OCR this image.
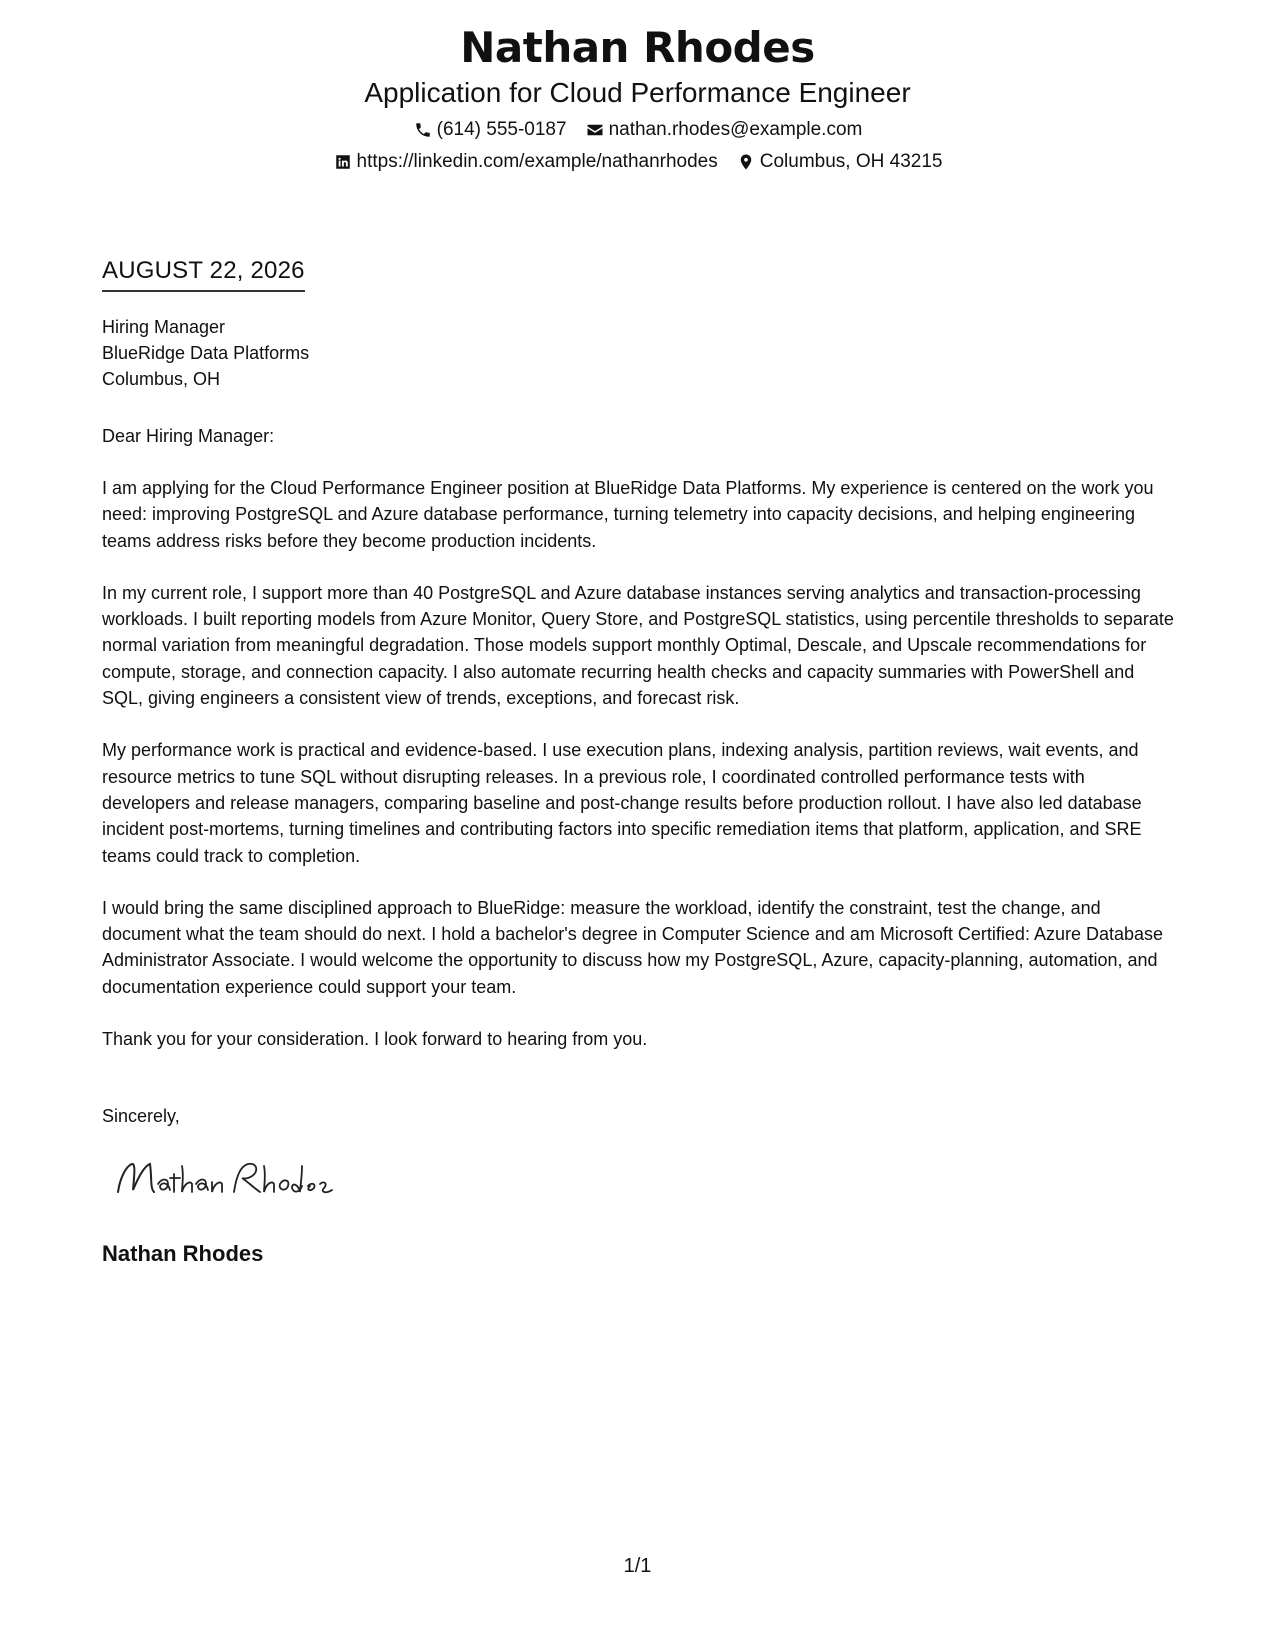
Nathan Rhodes
Application for Cloud Performance Engineer
(614) 555-0187 nathan.rhodes@example.com
https://linkedin.com/example/nathanrhodes Columbus, OH 43215
AUGUST 22, 2026
Hiring Manager
BlueRidge Data Platforms
Columbus, OH
Dear Hiring Manager:

I am applying for the Cloud Performance Engineer position at BlueRidge Data Platforms. My experience is centered on the work you need: improving PostgreSQL and Azure database performance, turning telemetry into capacity decisions, and helping engineering teams address risks before they become production incidents.

In my current role, I support more than 40 PostgreSQL and Azure database instances serving analytics and transaction-processing workloads. I built reporting models from Azure Monitor, Query Store, and PostgreSQL statistics, using percentile thresholds to separate normal variation from meaningful degradation. Those models support monthly Optimal, Descale, and Upscale recommendations for compute, storage, and connection capacity. I also automate recurring health checks and capacity summaries with PowerShell and SQL, giving engineers a consistent view of trends, exceptions, and forecast risk.

My performance work is practical and evidence-based. I use execution plans, indexing analysis, partition reviews, wait events, and resource metrics to tune SQL without disrupting releases. In a previous role, I coordinated controlled performance tests with developers and release managers, comparing baseline and post-change results before production rollout. I have also led database incident post-mortems, turning timelines and contributing factors into specific remediation items that platform, application, and SRE teams could track to completion.

I would bring the same disciplined approach to BlueRidge: measure the workload, identify the constraint, test the change, and document what the team should do next. I hold a bachelor's degree in Computer Science and am Microsoft Certified: Azure Database Administrator Associate. I would welcome the opportunity to discuss how my PostgreSQL, Azure, capacity-planning, automation, and documentation experience could support your team.

Thank you for your consideration. I look forward to hearing from you.

Sincerely,
Nathan Rhodes
1/1
